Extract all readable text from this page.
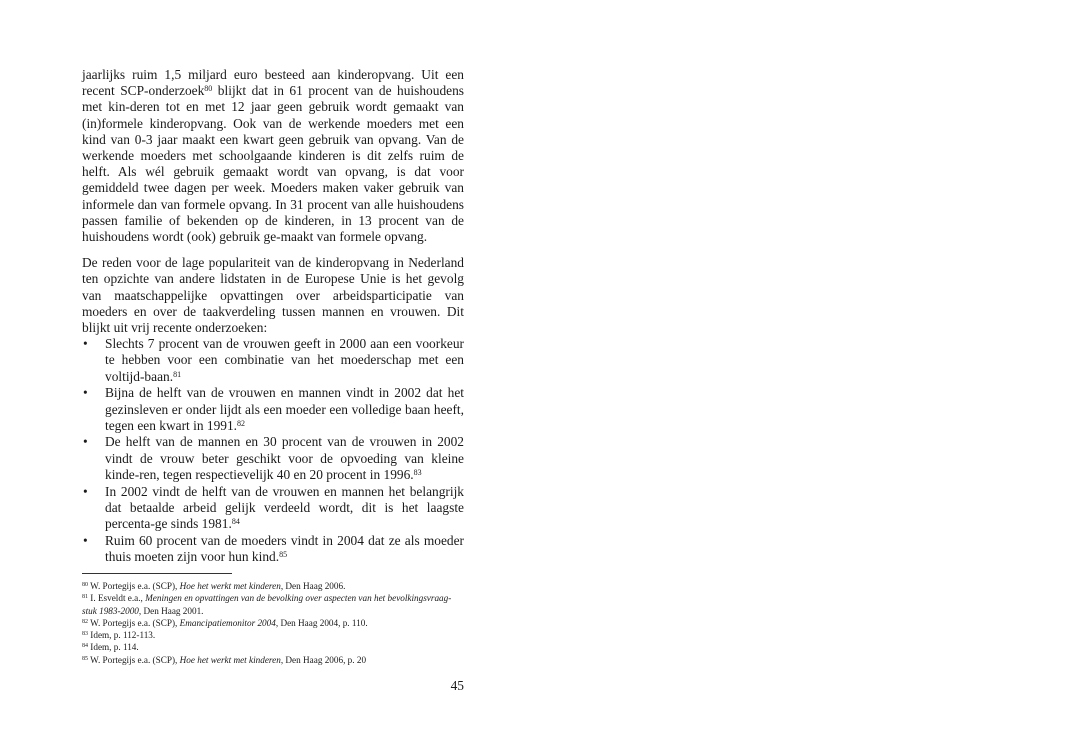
jaarlijks ruim 1,5 miljard euro besteed aan kinderopvang. Uit een recent SCP-onderzoek$^{80}$ blijkt dat in 61 procent van de huishoudens met kin-deren tot en met 12 jaar geen gebruik wordt gemaakt van (in)formele kinderopvang. Ook van de werkende moeders met een kind van 0-3 jaar maakt een kwart geen gebruik van opvang. Van de werkende moeders met schoolgaande kinderen is dit zelfs ruim de helft. Als wél gebruik gemaakt wordt van opvang, is dat voor gemiddeld twee dagen per week. Moeders maken vaker gebruik van informele dan van formele opvang. In 31 procent van alle huishoudens passen familie of bekenden op de kinderen, in 13 procent van de huishoudens wordt (ook) gebruik ge-maakt van formele opvang.

De reden voor de lage populariteit van de kinderopvang in Nederland ten opzichte van andere lidstaten in de Europese Unie is het gevolg van maatschappelijke opvattingen over arbeidsparticipatie van moeders en over de taakverdeling tussen mannen en vrouwen. Dit blijkt uit vrij recente onderzoeken:

• Slechts 7 procent van de vrouwen geeft in 2000 aan een voorkeur te hebben voor een combinatie van het moederschap met een voltijd-baan.$^{81}$
• Bijna de helft van de vrouwen en mannen vindt in 2002 dat het gezinsleven er onder lijdt als een moeder een volledige baan heeft, tegen een kwart in 1991.82
• De helft van de mannen en 30 procent van de vrouwen in 2002 vindt de vrouw beter geschikt voor de opvoeding van kleine kinde-ren, tegen respectievelijk 40 en 20 procent in 1996.83
• In 2002 vindt de helft van de vrouwen en mannen het belangrijk dat betaalde arbeid gelijk verdeeld wordt, dit is het laagste percenta-ge sinds 1981.84
• Ruim 60 procent van de moeders vindt in 2004 dat ze als moeder thuis moeten zijn voor hun kind.$^{85}$

$^{80}$ W. Portegijs e.a. (SCP), Hoe het werkt met kinderen, Den Haag 2006.

$^{81}$ I. Esveldt e.a., Meningen en opvattingen van de bevolking over aspecten van het bevolkingsvraag-stuk 1983-2000, Den Haag 2001.

$^{82}$ W. Portegijs e.a. (SCP), Emancipatiemonitor 2004, Den Haag 2004, p. 110.

$^{83}$ Idem, p. 112-113.

$^{84}$ Idem, p. 114.

$^{85}$ W. Portegijs e.a. (SCP), Hoe het werkt met kinderen, Den Haag 2006, p. 20

45
